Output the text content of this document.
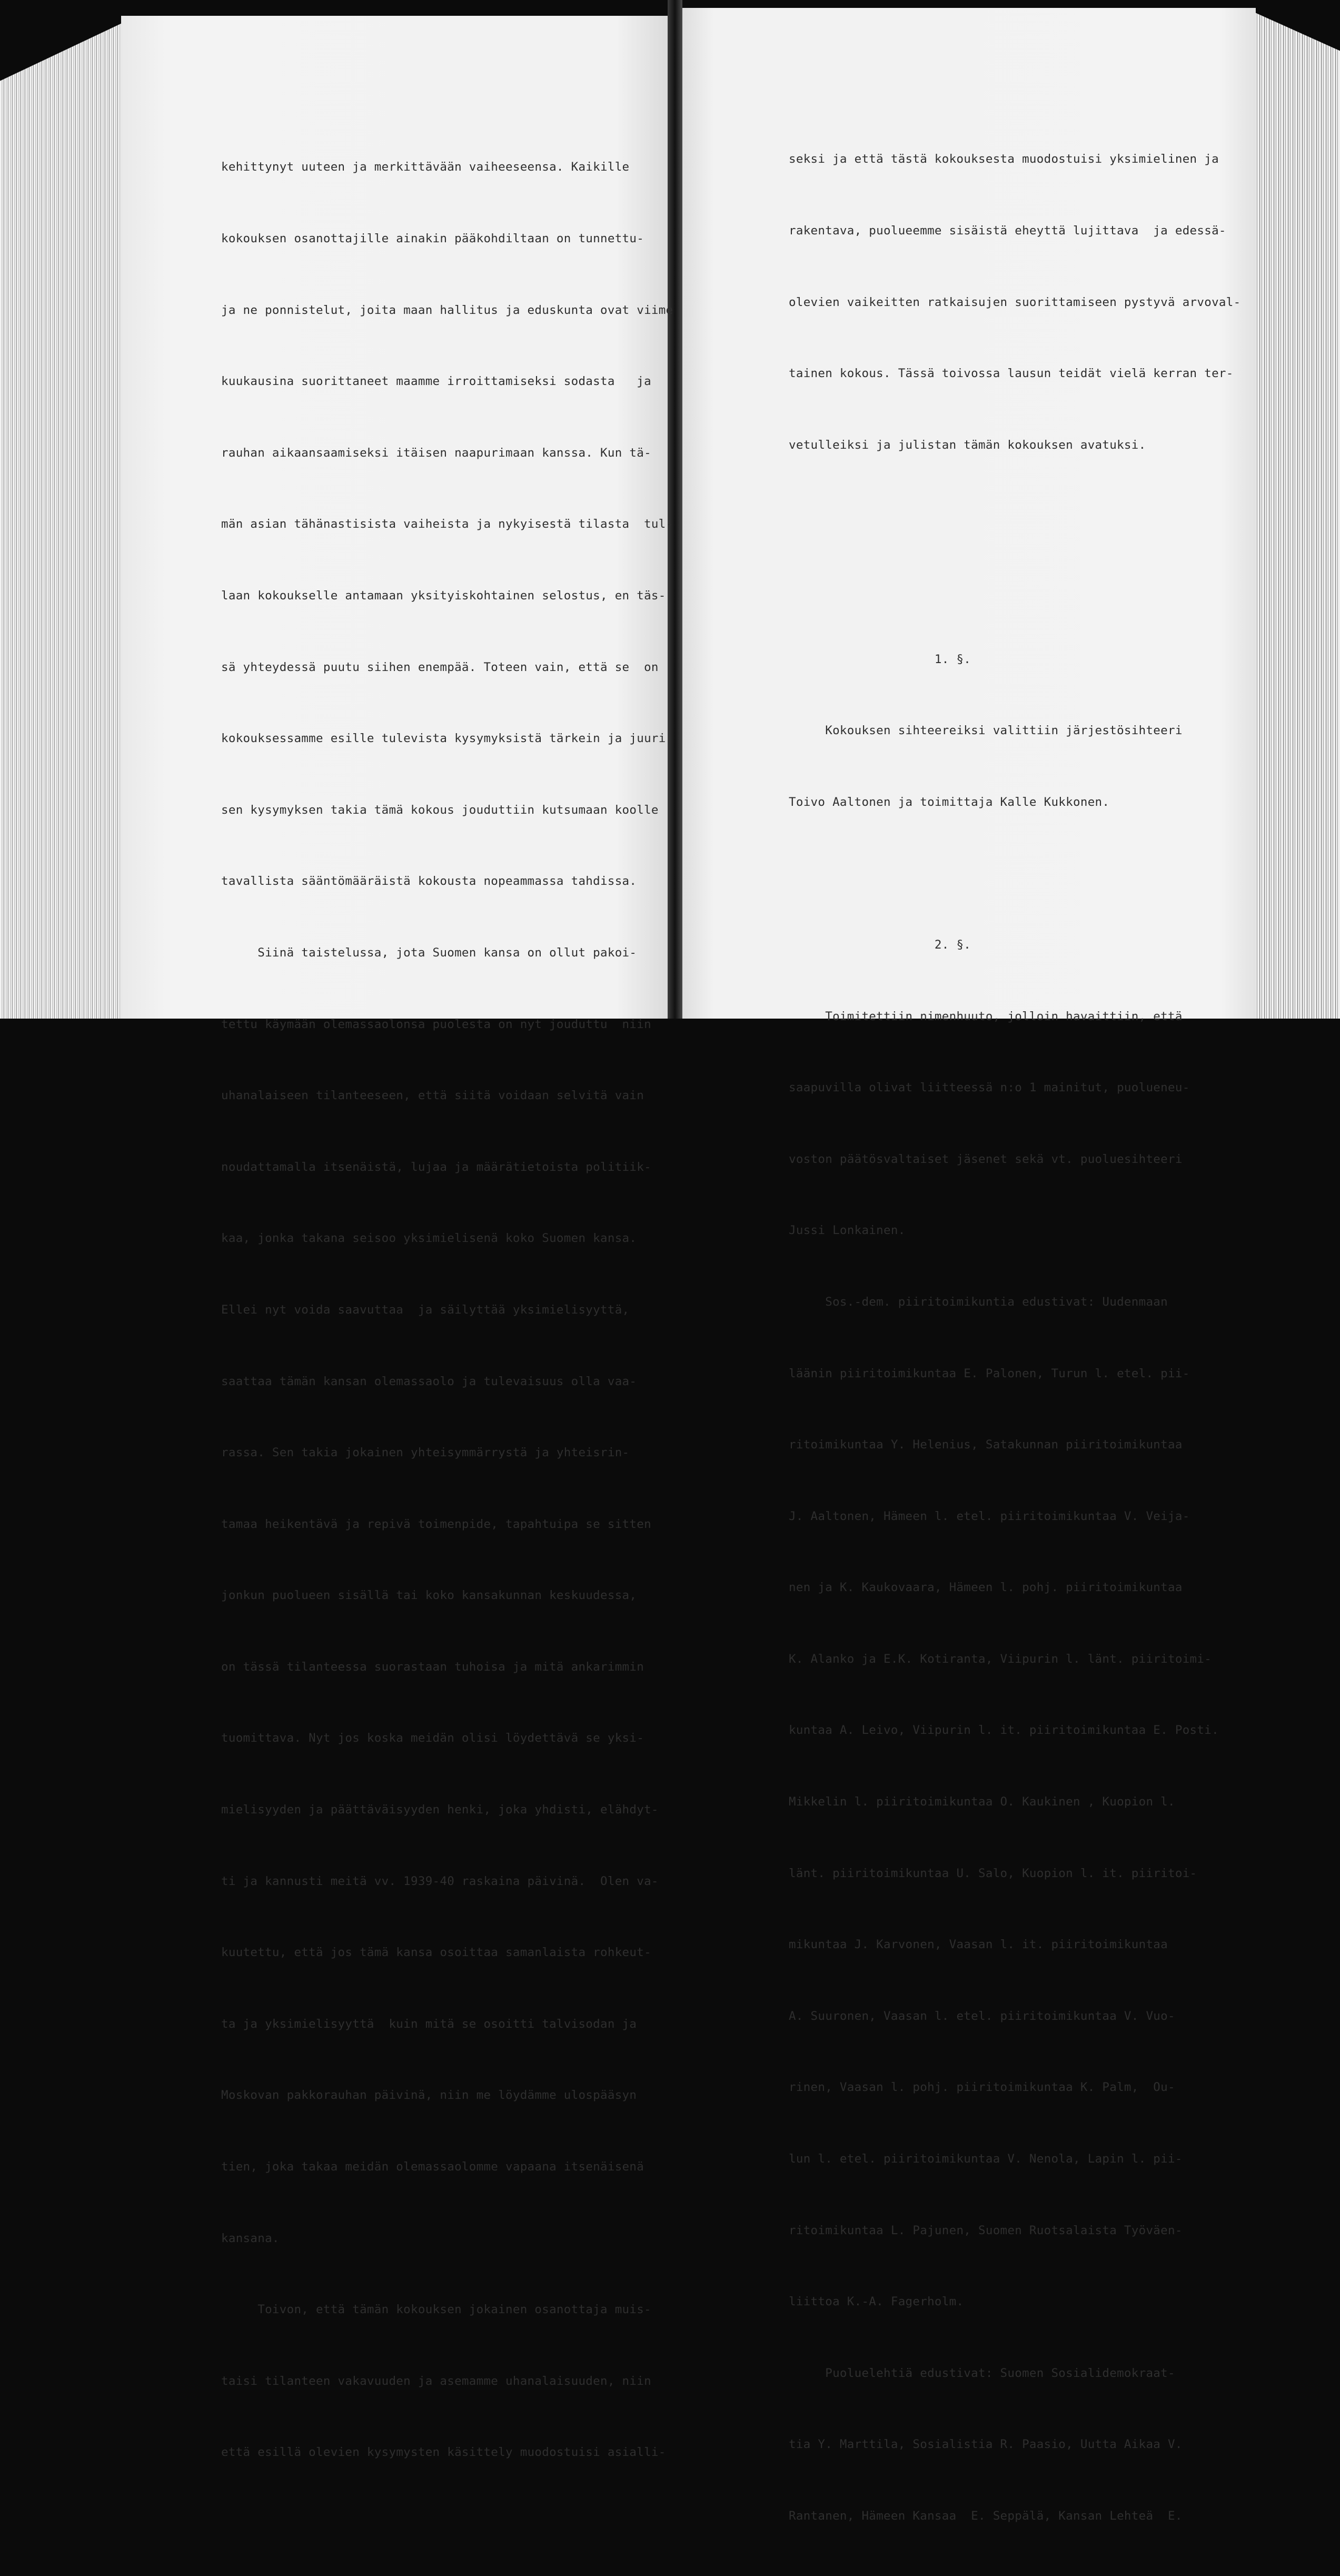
kehittynyt uuteen ja merkittävään vaiheeseensa. Kaikille

kokouksen osanottajille ainakin pääkohdiltaan on tunnettu-

ja ne ponnistelut, joita maan hallitus ja eduskunta ovat viime

kuukausina suorittaneet maamme irroittamiseksi sodasta   ja

rauhan aikaansaamiseksi itäisen naapurimaan kanssa. Kun tä-

män asian tähänastisista vaiheista ja nykyisestä tilasta  tul-

laan kokoukselle antamaan yksityiskohtainen selostus, en täs-

sä yhteydessä puutu siihen enempää. Toteen vain, että se  on

kokouksessamme esille tulevista kysymyksistä tärkein ja juuri

sen kysymyksen takia tämä kokous jouduttiin kutsumaan koolle

tavallista sääntömääräistä kokousta nopeammassa tahdissa.

Siinä taistelussa, jota Suomen kansa on ollut pakoi-

tettu käymään olemassaolonsa puolesta on nyt jouduttu  niin

uhanalaiseen tilanteeseen, että siitä voidaan selvitä vain

noudattamalla itsenäistä, lujaa ja määrätietoista politiik-

kaa, jonka takana seisoo yksimielisenä koko Suomen kansa.

Ellei nyt voida saavuttaa  ja säilyttää yksimielisyyttä,

saattaa tämän kansan olemassaolo ja tulevaisuus olla vaa-

rassa. Sen takia jokainen yhteisymmärrystä ja yhteisrin-

tamaa heikentävä ja repivä toimenpide, tapahtuipa se sitten

jonkun puolueen sisällä tai koko kansakunnan keskuudessa,

on tässä tilanteessa suorastaan tuhoisa ja mitä ankarimmin

tuomittava. Nyt jos koska meidän olisi löydettävä se yksi-

mielisyyden ja päättäväisyyden henki, joka yhdisti, elähdyt-

ti ja kannusti meitä vv. 1939-40 raskaina päivinä.  Olen va-

kuutettu, että jos tämä kansa osoittaa samanlaista rohkeut-

ta ja yksimielisyyttä  kuin mitä se osoitti talvisodan ja

Moskovan pakkorauhan päivinä, niin me löydämme ulospääsyn

tien, joka takaa meidän olemassaolomme vapaana itsenäisenä

kansana.

Toivon, että tämän kokouksen jokainen osanottaja muis-

taisi tilanteen vakavuuden ja asemamme uhanalaisuuden, niin

että esillä olevien kysymysten käsittely muodostuisi asialli-

seksi ja että tästä kokouksesta muodostuisi yksimielinen ja

rakentava, puolueemme sisäistä eheyttä lujittava  ja edessä-

olevien vaikeitten ratkaisujen suorittamiseen pystyvä arvoval-

tainen kokous. Tässä toivossa lausun teidät vielä kerran ter-

vetulleiksi ja julistan tämän kokouksen avatuksi.

1. §.

Kokouksen sihteereiksi valittiin järjestösihteeri

Toivo Aaltonen ja toimittaja Kalle Kukkonen.

2. §.

Toimitettiin nimenhuuto, jolloin havaittiin, että

saapuvilla olivat liitteessä n:o 1 mainitut, puolueneu-

voston päätösvaltaiset jäsenet sekä vt. puoluesihteeri

Jussi Lonkainen.

Sos.-dem. piiritoimikuntia edustivat: Uudenmaan

läänin piiritoimikuntaa E. Palonen, Turun l. etel. pii-

ritoimikuntaa Y. Helenius, Satakunnan piiritoimikuntaa

J. Aaltonen, Hämeen l. etel. piiritoimikuntaa V. Veija-

nen ja K. Kaukovaara, Hämeen l. pohj. piiritoimikuntaa

K. Alanko ja E.K. Kotiranta, Viipurin l. länt. piiritoimi-

kuntaa A. Leivo, Viipurin l. it. piiritoimikuntaa E. Posti.

Mikkelin l. piiritoimikuntaa O. Kaukinen , Kuopion l.

länt. piiritoimikuntaa U. Salo, Kuopion l. it. piiritoi-

mikuntaa J. Karvonen, Vaasan l. it. piiritoimikuntaa

A. Suuronen, Vaasan l. etel. piiritoimikuntaa V. Vuo-

rinen, Vaasan l. pohj. piiritoimikuntaa K. Palm,  Ou-

lun l. etel. piiritoimikuntaa V. Nenola, Lapin l. pii-

ritoimikuntaa L. Pajunen, Suomen Ruotsalaista Työväen-

liittoa K.-A. Fagerholm.

Puoluelehtiä edustivat: Suomen Sosialidemokraat-

tia Y. Marttila, Sosialistia R. Paasio, Uutta Aikaa V.

Rantanen, Hämeen Kansaa  E. Seppälä, Kansan Lehteä  E.
